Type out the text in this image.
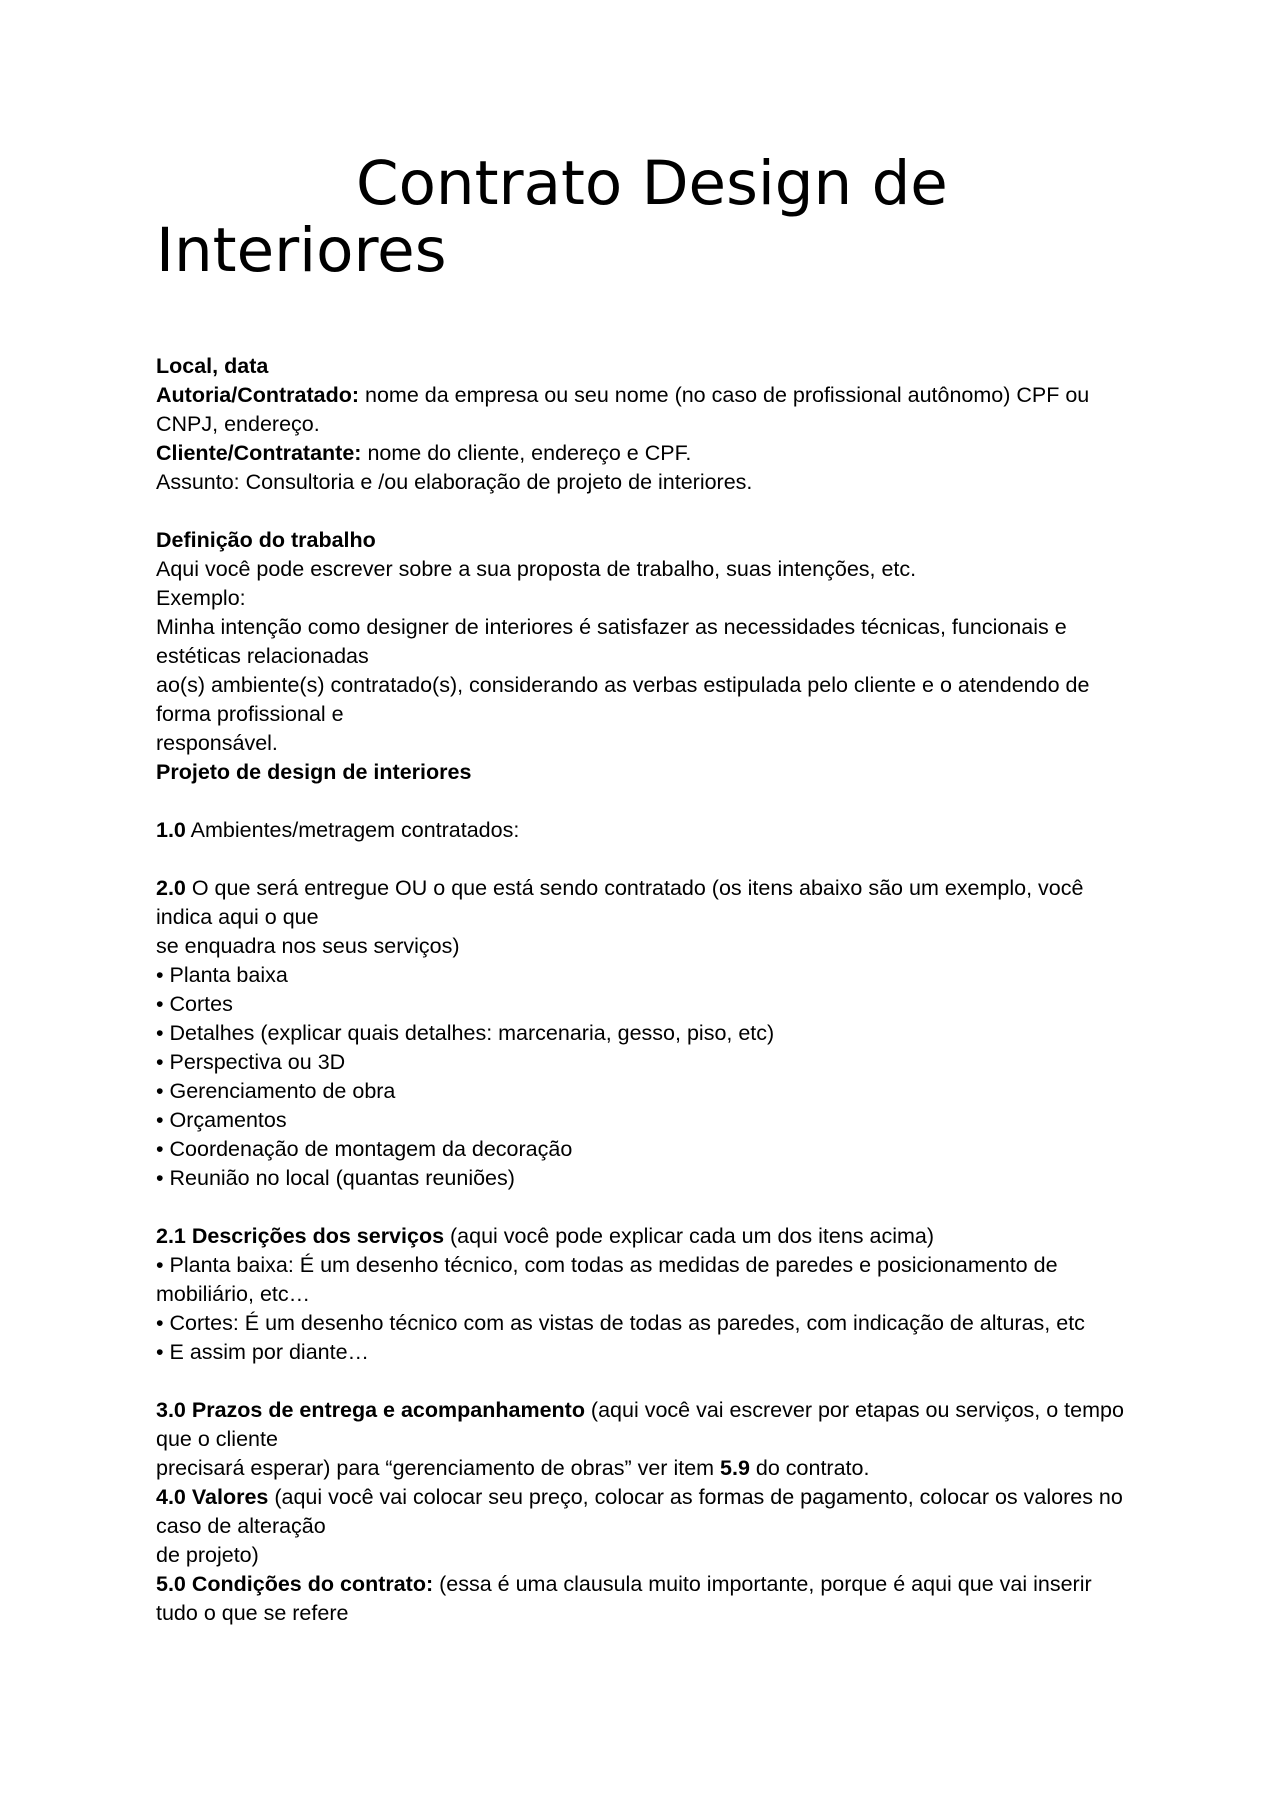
Contrato Design de
Interiores
Local, data
Autoria/Contratado: nome da empresa ou seu nome (no caso de profissional autônomo) CPF ou
CNPJ, endereço.
Cliente/Contratante: nome do cliente, endereço e CPF.
Assunto: Consultoria e /ou elaboração de projeto de interiores.
Definição do trabalho
Aqui você pode escrever sobre a sua proposta de trabalho, suas intenções, etc.
Exemplo:
Minha intenção como designer de interiores é satisfazer as necessidades técnicas, funcionais e
estéticas relacionadas
ao(s) ambiente(s) contratado(s), considerando as verbas estipulada pelo cliente e o atendendo de
forma profissional e
responsável.
Projeto de design de interiores
1.0 Ambientes/metragem contratados:
2.0 O que será entregue OU o que está sendo contratado (os itens abaixo são um exemplo, você
indica aqui o que
se enquadra nos seus serviços)
• Planta baixa
• Cortes
• Detalhes (explicar quais detalhes: marcenaria, gesso, piso, etc)
• Perspectiva ou 3D
• Gerenciamento de obra
• Orçamentos
• Coordenação de montagem da decoração
• Reunião no local (quantas reuniões)
2.1 Descrições dos serviços (aqui você pode explicar cada um dos itens acima)
• Planta baixa: É um desenho técnico, com todas as medidas de paredes e posicionamento de
mobiliário, etc…
• Cortes: É um desenho técnico com as vistas de todas as paredes, com indicação de alturas, etc
• E assim por diante…
3.0 Prazos de entrega e acompanhamento (aqui você vai escrever por etapas ou serviços, o tempo
que o cliente
precisará esperar) para “gerenciamento de obras” ver item 5.9 do contrato.
4.0 Valores (aqui você vai colocar seu preço, colocar as formas de pagamento, colocar os valores no
caso de alteração
de projeto)
5.0 Condições do contrato: (essa é uma clausula muito importante, porque é aqui que vai inserir
tudo o que se refere
